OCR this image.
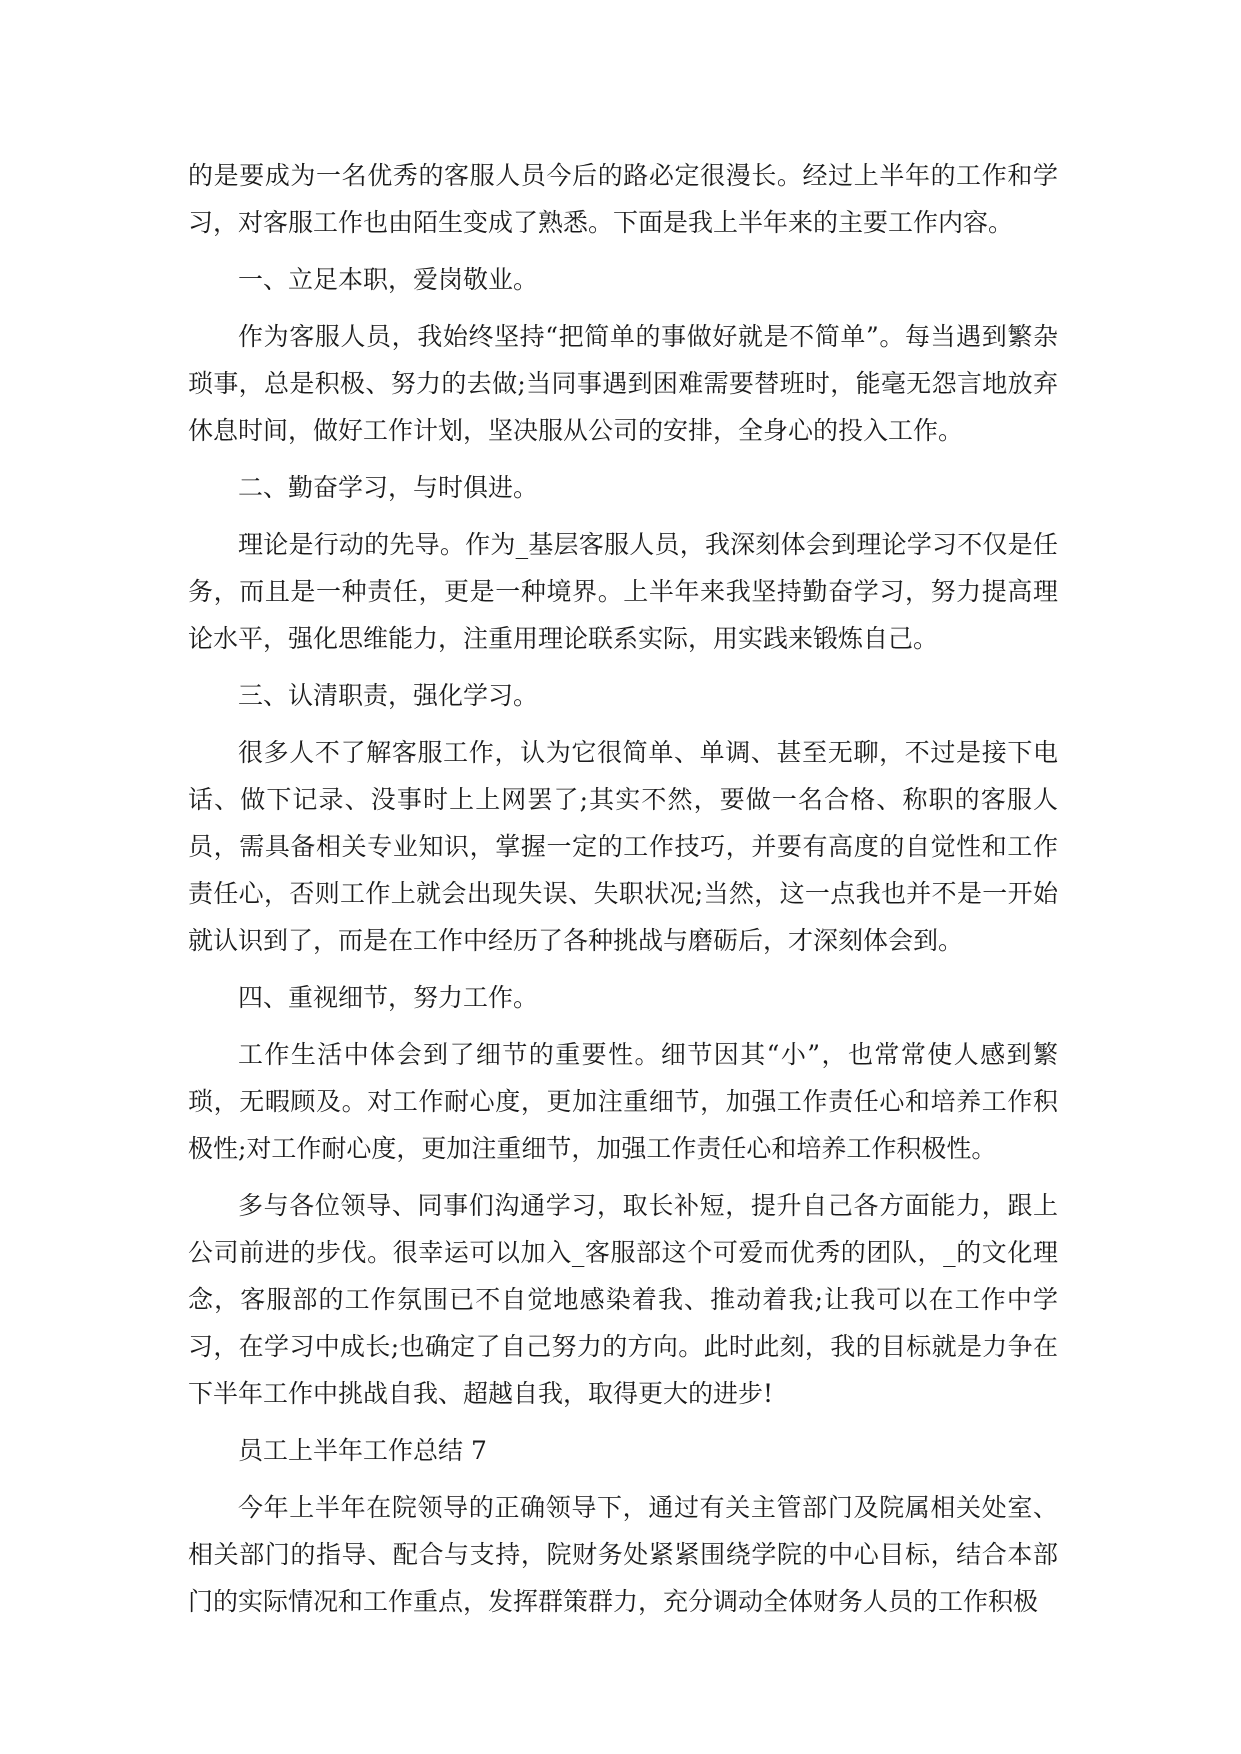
的是要成为一名优秀的客服人员今后的路必定很漫长。经过上半年的工作和学习，对客服工作也由陌生变成了熟悉。下面是我上半年来的主要工作内容。

一、立足本职，爱岗敬业。

作为客服人员，我始终坚持“把简单的事做好就是不简单”。每当遇到繁杂琐事，总是积极、努力的去做;当同事遇到困难需要替班时，能毫无怨言地放弃休息时间，做好工作计划，坚决服从公司的安排，全身心的投入工作。

二、勤奋学习，与时俱进。

理论是行动的先导。作为_基层客服人员，我深刻体会到理论学习不仅是任务，而且是一种责任，更是一种境界。上半年来我坚持勤奋学习，努力提高理论水平，强化思维能力，注重用理论联系实际，用实践来锻炼自己。

三、认清职责，强化学习。

很多人不了解客服工作，认为它很简单、单调、甚至无聊，不过是接下电话、做下记录、没事时上上网罢了;其实不然，要做一名合格、称职的客服人员，需具备相关专业知识，掌握一定的工作技巧，并要有高度的自觉性和工作责任心，否则工作上就会出现失误、失职状况;当然，这一点我也并不是一开始就认识到了，而是在工作中经历了各种挑战与磨砺后，才深刻体会到。

四、重视细节，努力工作。

工作生活中体会到了细节的重要性。细节因其“小”，也常常使人感到繁琐，无暇顾及。对工作耐心度，更加注重细节，加强工作责任心和培养工作积极性;对工作耐心度，更加注重细节，加强工作责任心和培养工作积极性。

多与各位领导、同事们沟通学习，取长补短，提升自己各方面能力，跟上公司前进的步伐。很幸运可以加入_客服部这个可爱而优秀的团队，_的文化理念，客服部的工作氛围已不自觉地感染着我、推动着我;让我可以在工作中学习，在学习中成长;也确定了自己努力的方向。此时此刻，我的目标就是力争在下半年工作中挑战自我、超越自我，取得更大的进步!

员工上半年工作总结 7

今年上半年在院领导的正确领导下，通过有关主管部门及院属相关处室、相关部门的指导、配合与支持，院财务处紧紧围绕学院的中心目标，结合本部门的实际情况和工作重点，发挥群策群力，充分调动全体财务人员的工作积极
